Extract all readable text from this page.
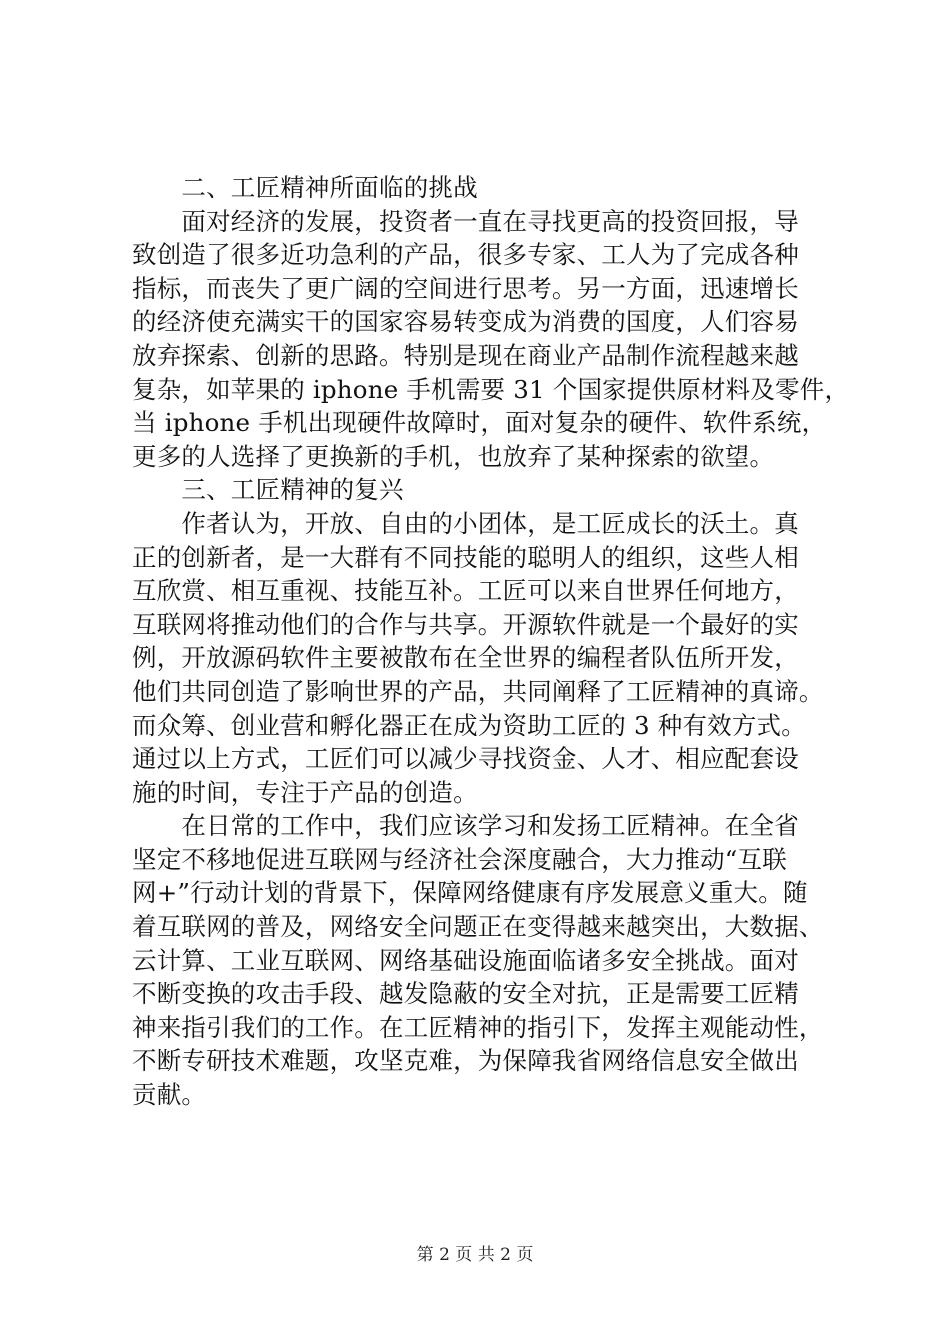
　　二、工匠精神所面临的挑战
　　面对经济的发展，投资者一直在寻找更高的投资回报，导
致创造了很多近功急利的产品，很多专家、工人为了完成各种
指标，而丧失了更广阔的空间进行思考。另一方面，迅速增长
的经济使充满实干的国家容易转变成为消费的国度，人们容易
放弃探索、创新的思路。特别是现在商业产品制作流程越来越
复杂，如苹果的 iphone 手机需要 31 个国家提供原材料及零件，
当 iphone 手机出现硬件故障时，面对复杂的硬件、软件系统，
更多的人选择了更换新的手机，也放弃了某种探索的欲望。
　　三、工匠精神的复兴
　　作者认为，开放、自由的小团体，是工匠成长的沃土。真
正的创新者，是一大群有不同技能的聪明人的组织，这些人相
互欣赏、相互重视、技能互补。工匠可以来自世界任何地方，
互联网将推动他们的合作与共享。开源软件就是一个最好的实
例，开放源码软件主要被散布在全世界的编程者队伍所开发，
他们共同创造了影响世界的产品，共同阐释了工匠精神的真谛。
而众筹、创业营和孵化器正在成为资助工匠的 3 种有效方式。
通过以上方式，工匠们可以减少寻找资金、人才、相应配套设
施的时间，专注于产品的创造。
　　在日常的工作中，我们应该学习和发扬工匠精神。在全省
坚定不移地促进互联网与经济社会深度融合，大力推动“互联
网+”行动计划的背景下，保障网络健康有序发展意义重大。随
着互联网的普及，网络安全问题正在变得越来越突出，大数据、
云计算、工业互联网、网络基础设施面临诸多安全挑战。面对
不断变换的攻击手段、越发隐蔽的安全对抗，正是需要工匠精
神来指引我们的工作。在工匠精神的指引下，发挥主观能动性，
不断专研技术难题，攻坚克难，为保障我省网络信息安全做出
贡献。
第 2 页 共 2 页
